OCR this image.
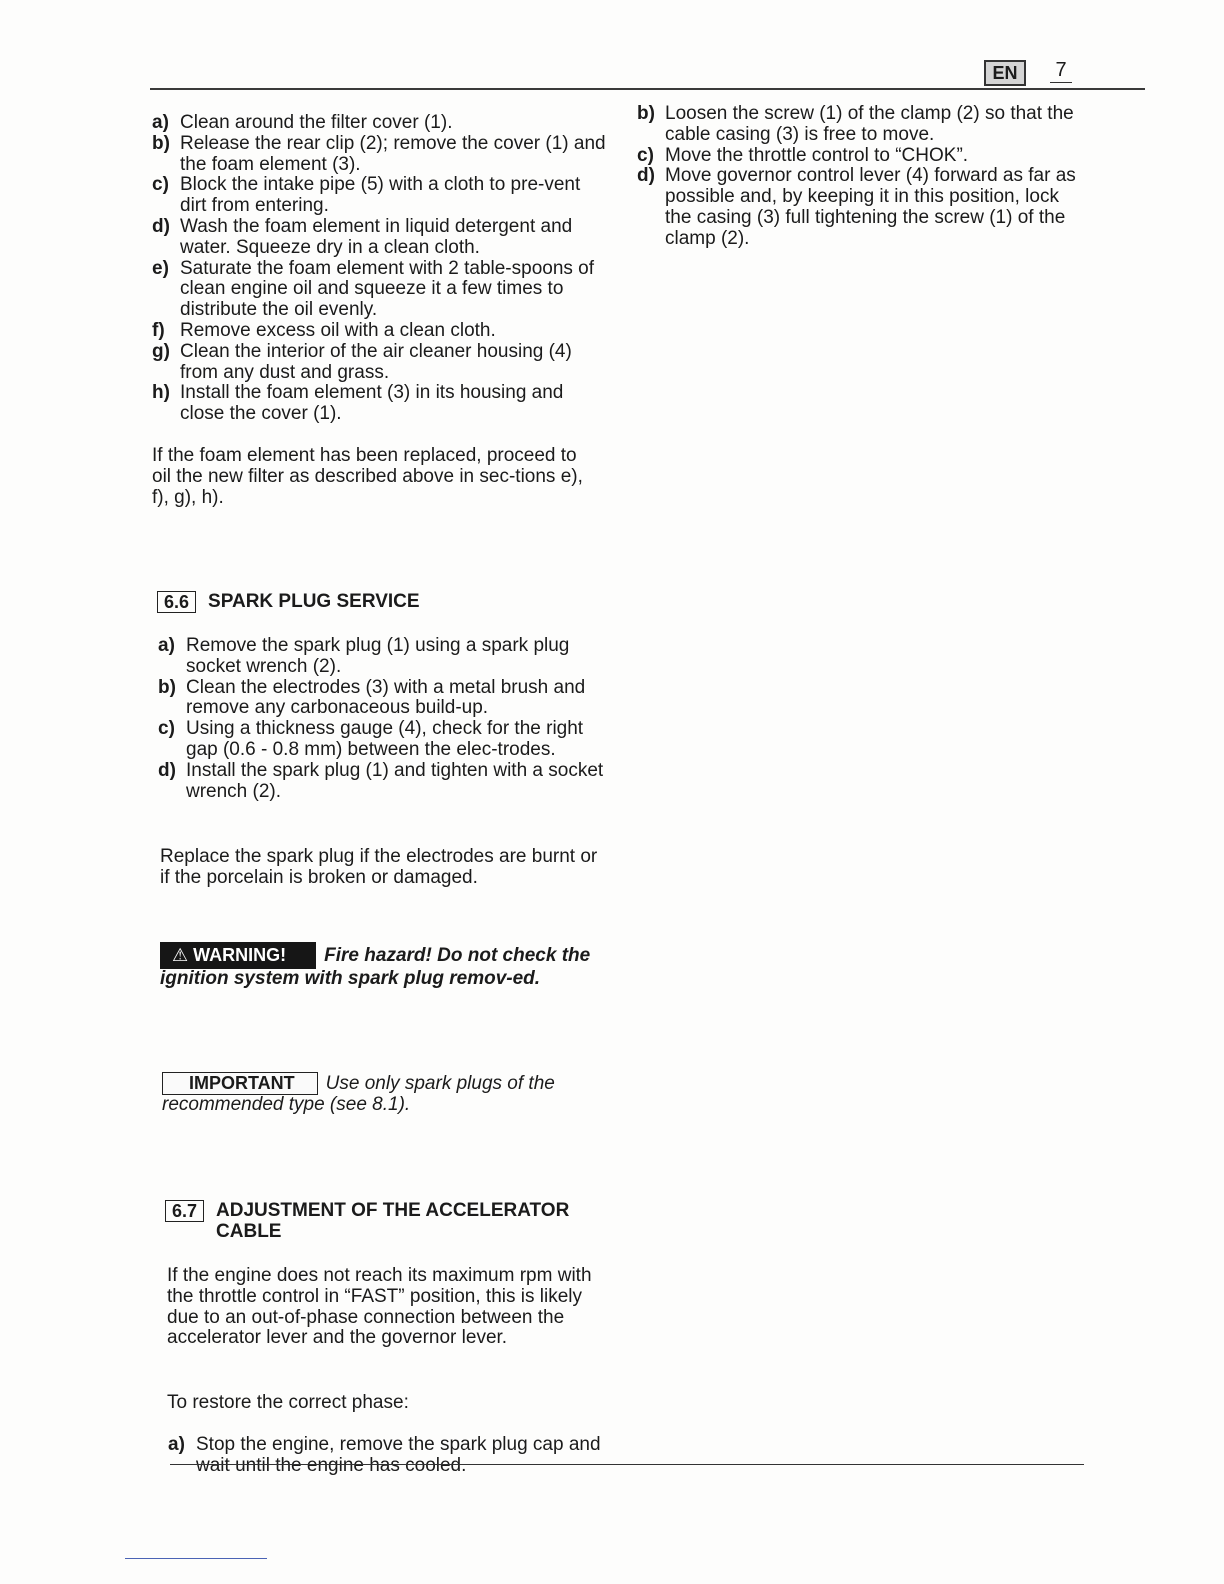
EN	7
a) Clean around the filter cover (1).
b) Release the rear clip (2); remove the cover (1) and the foam element (3).
c) Block the intake pipe (5) with a cloth to pre-vent dirt from entering.
d) Wash the foam element in liquid detergent and water. Squeeze dry in a clean cloth.
e) Saturate the foam element with 2 table-spoons of clean engine oil and squeeze it a few times to distribute the oil evenly.
f) Remove excess oil with a clean cloth.
g) Clean the interior of the air cleaner housing (4) from any dust and grass.
h) Install the foam element (3) in its housing and close the cover (1).

If the foam element has been replaced, proceed to oil the new filter as described above in sec-tions e), f), g), h).

6.6	SPARK PLUG SERVICE
a) Remove the spark plug (1) using a spark plug socket wrench (2).
b) Clean the electrodes (3) with a metal brush and remove any carbonaceous build-up.
c) Using a thickness gauge (4), check for the right gap (0.6 - 0.8 mm) between the elec-trodes.
d) Install the spark plug (1) and tighten with a socket wrench (2).

Replace the spark plug if the electrodes are burnt or if the porcelain is broken or damaged.

⚠ WARNING! Fire hazard! Do not check the ignition system with spark plug remov-ed.

IMPORTANT Use only spark plugs of the recommended type (see 8.1).

6.7	ADJUSTMENT OF THE ACCELERATOR CABLE

If the engine does not reach its maximum rpm with the throttle control in “FAST” position, this is likely due to an out-of-phase connection between the accelerator lever and the governor lever.

To restore the correct phase:

a) Stop the engine, remove the spark plug cap and wait until the engine has cooled.
b) Loosen the screw (1) of the clamp (2) so that the cable casing (3) is free to move.
c) Move the throttle control to “CHOK”.
d) Move governor control lever (4) forward as far as possible and, by keeping it in this position, lock the casing (3) full tightening the screw (1) of the clamp (2).
